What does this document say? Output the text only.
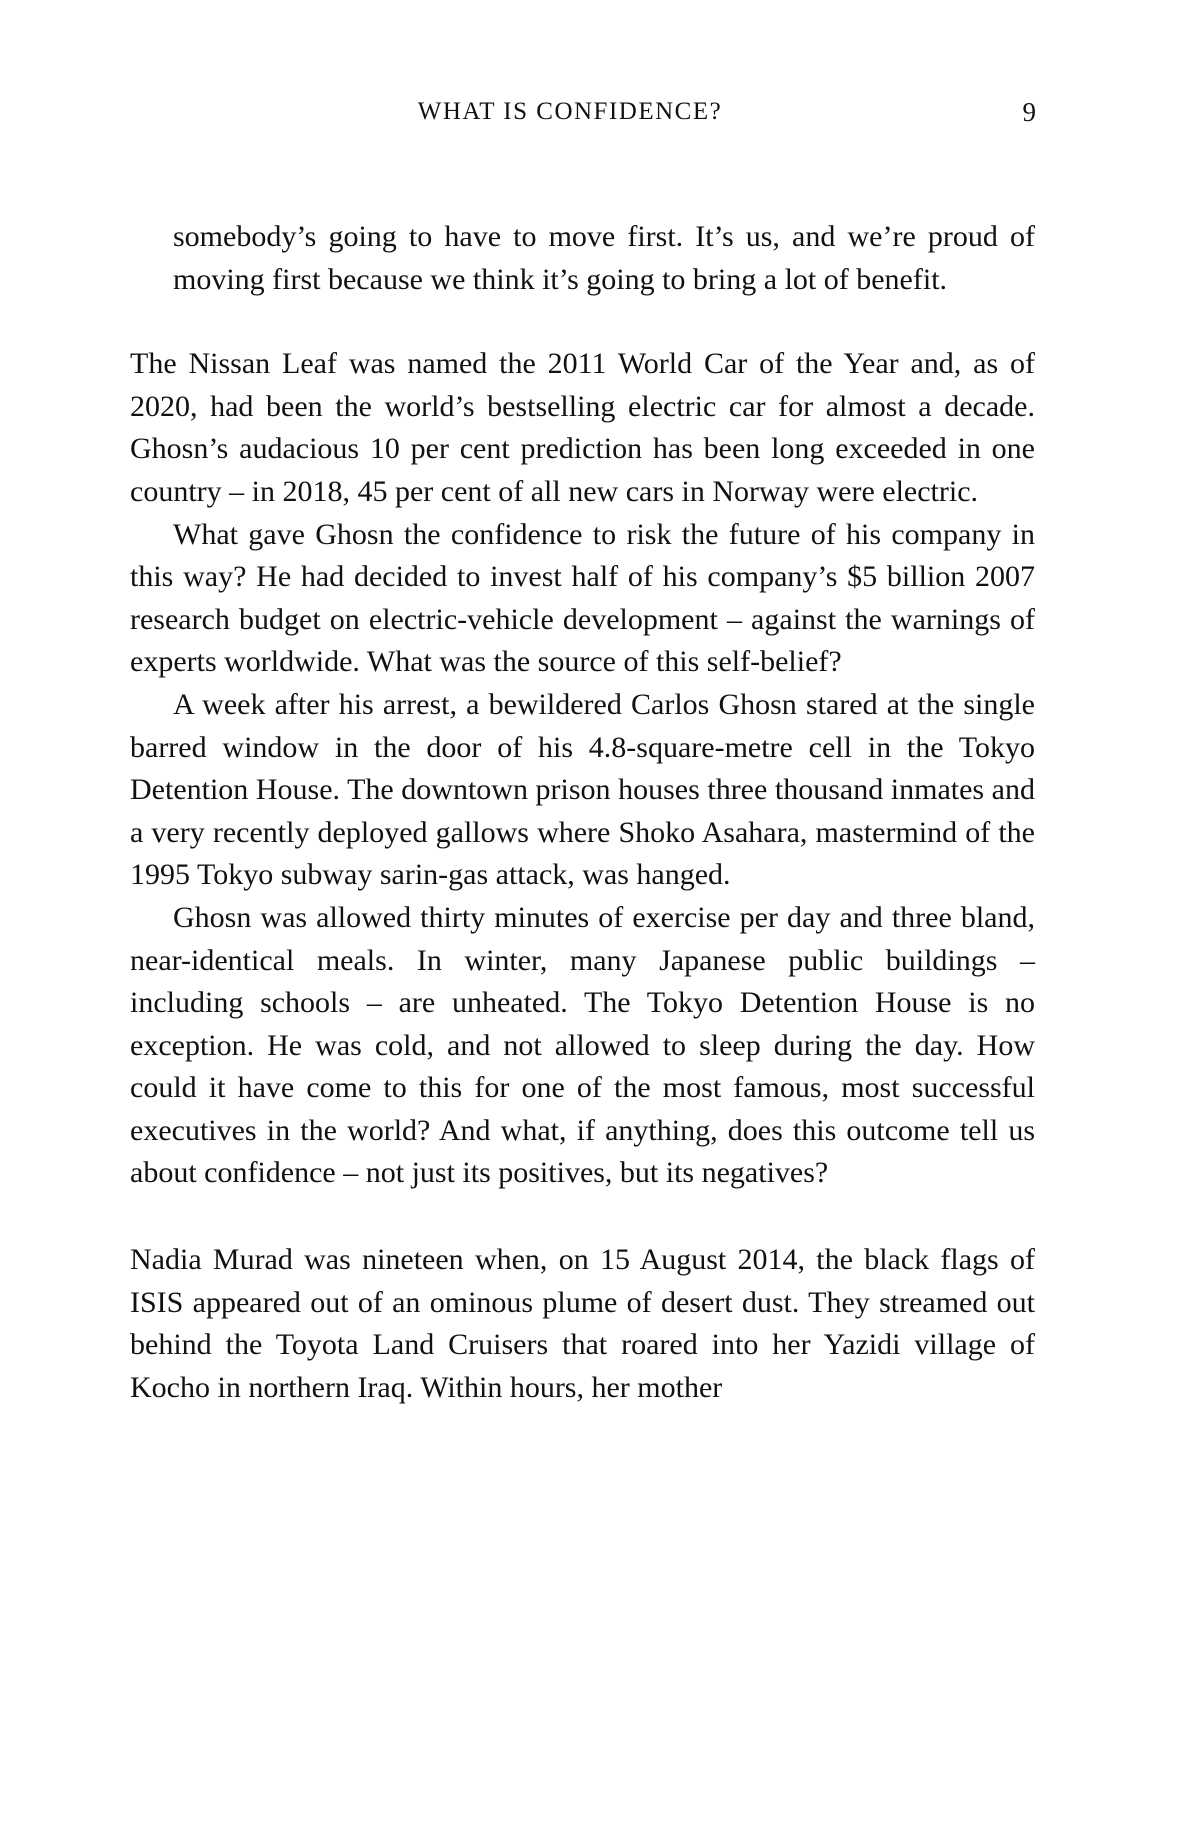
WHAT IS CONFIDENCE?	9

somebody’s going to have to move first. It’s us, and we’re proud of moving first because we think it’s going to bring a lot of benefit.

The Nissan Leaf was named the 2011 World Car of the Year and, as of 2020, had been the world’s bestselling electric car for almost a decade. Ghosn’s audacious 10 per cent prediction has been long exceeded in one country – in 2018, 45 per cent of all new cars in Norway were electric.

What gave Ghosn the confidence to risk the future of his company in this way? He had decided to invest half of his company’s $5 billion 2007 research budget on electric-vehicle development – against the warnings of experts worldwide. What was the source of this self-belief?

A week after his arrest, a bewildered Carlos Ghosn stared at the single barred window in the door of his 4.8-square-metre cell in the Tokyo Detention House. The downtown prison houses three thousand inmates and a very recently deployed gallows where Shoko Asahara, mastermind of the 1995 Tokyo subway sarin-gas attack, was hanged.

Ghosn was allowed thirty minutes of exercise per day and three bland, near-identical meals. In winter, many Japanese public buildings – including schools – are unheated. The Tokyo Detention House is no exception. He was cold, and not allowed to sleep during the day. How could it have come to this for one of the most famous, most successful executives in the world? And what, if anything, does this outcome tell us about confidence – not just its positives, but its negatives?

Nadia Murad was nineteen when, on 15 August 2014, the black flags of ISIS appeared out of an ominous plume of desert dust. They streamed out behind the Toyota Land Cruisers that roared into her Yazidi village of Kocho in northern Iraq. Within hours, her mother
